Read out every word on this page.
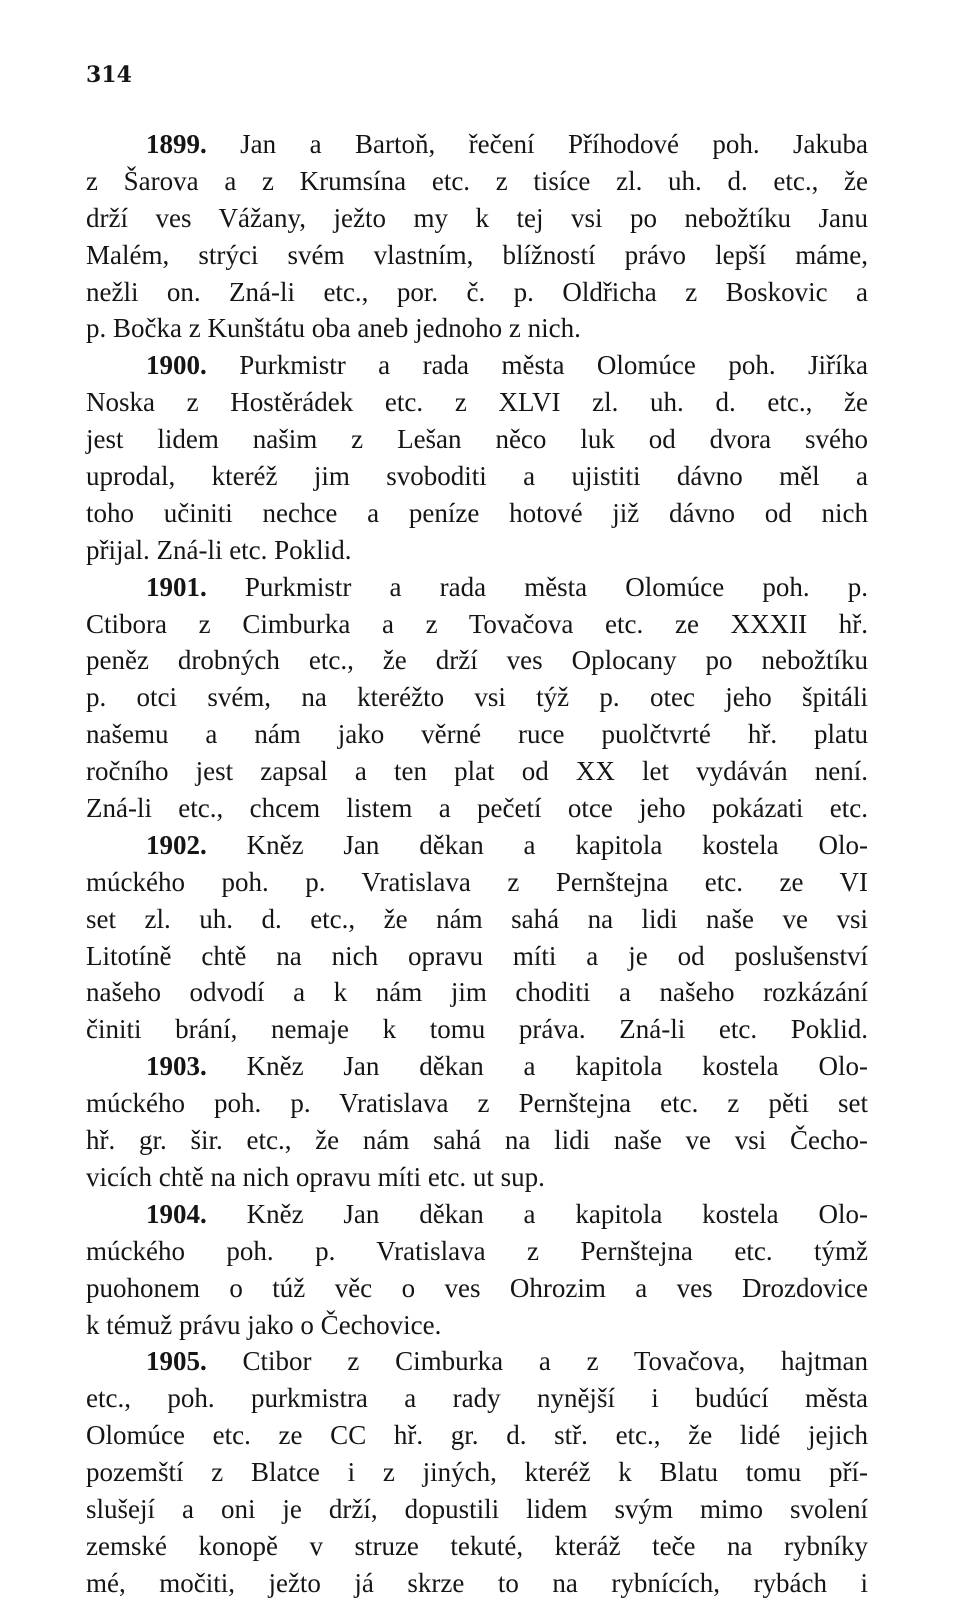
314
1899. Jan a Bartoň, řečení Příhodové poh. Jakuba
z Šarova a z Krumsína etc. z tisíce zl. uh. d. etc., že
drží ves Vážany, ježto my k tej vsi po nebožtíku Janu
Malém, strýci svém vlastním, blížností právo lepší máme,
nežli on. Zná-li etc., por. č. p. Oldřicha z Boskovic a
p. Bočka z Kunštátu oba aneb jednoho z nich.
1900. Purkmistr a rada města Olomúce poh. Jiříka
Noska z Hostěrádek etc. z XLVI zl. uh. d. etc., že
jest lidem našim z Lešan něco luk od dvora svého
uprodal, kteréž jim svoboditi a ujistiti dávno měl a
toho učiniti nechce a peníze hotové již dávno od nich
přijal. Zná-li etc. Poklid.
1901. Purkmistr a rada města Olomúce poh. p.
Ctibora z Cimburka a z Tovačova etc. ze XXXII hř.
peněz drobných etc., že drží ves Oplocany po nebožtíku
p. otci svém, na kteréžto vsi týž p. otec jeho špitáli
našemu a nám jako věrné ruce puolčtvrté hř. platu
ročního jest zapsal a ten plat od XX let vydáván není.
Zná-li etc., chcem listem a pečetí otce jeho pokázati etc.
1902. Kněz Jan děkan a kapitola kostela Olo-
múckého poh. p. Vratislava z Pernštejna etc. ze VI
set zl. uh. d. etc., že nám sahá na lidi naše ve vsi
Litotíně chtě na nich opravu míti a je od poslušenství
našeho odvodí a k nám jim choditi a našeho rozkázání
činiti brání, nemaje k tomu práva. Zná-li etc. Poklid.
1903. Kněz Jan děkan a kapitola kostela Olo-
múckého poh. p. Vratislava z Pernštejna etc. z pěti set
hř. gr. šir. etc., že nám sahá na lidi naše ve vsi Čecho-
vicích chtě na nich opravu míti etc. ut sup.
1904. Kněz Jan děkan a kapitola kostela Olo-
múckého poh. p. Vratislava z Pernštejna etc. týmž
puohonem o túž věc o ves Ohrozim a ves Drozdovice
k témuž právu jako o Čechovice.
1905. Ctibor z Cimburka a z Tovačova, hajtman
etc., poh. purkmistra a rady nynější i budúcí města
Olomúce etc. ze CC hř. gr. d. stř. etc., že lidé jejich
pozemští z Blatce i z jiných, kteréž k Blatu tomu pří-
slušejí a oni je drží, dopustili lidem svým mimo svolení
zemské konopě v struze tekuté, kteráž teče na rybníky
mé, močiti, ježto já skrze to na rybnících, rybách i
